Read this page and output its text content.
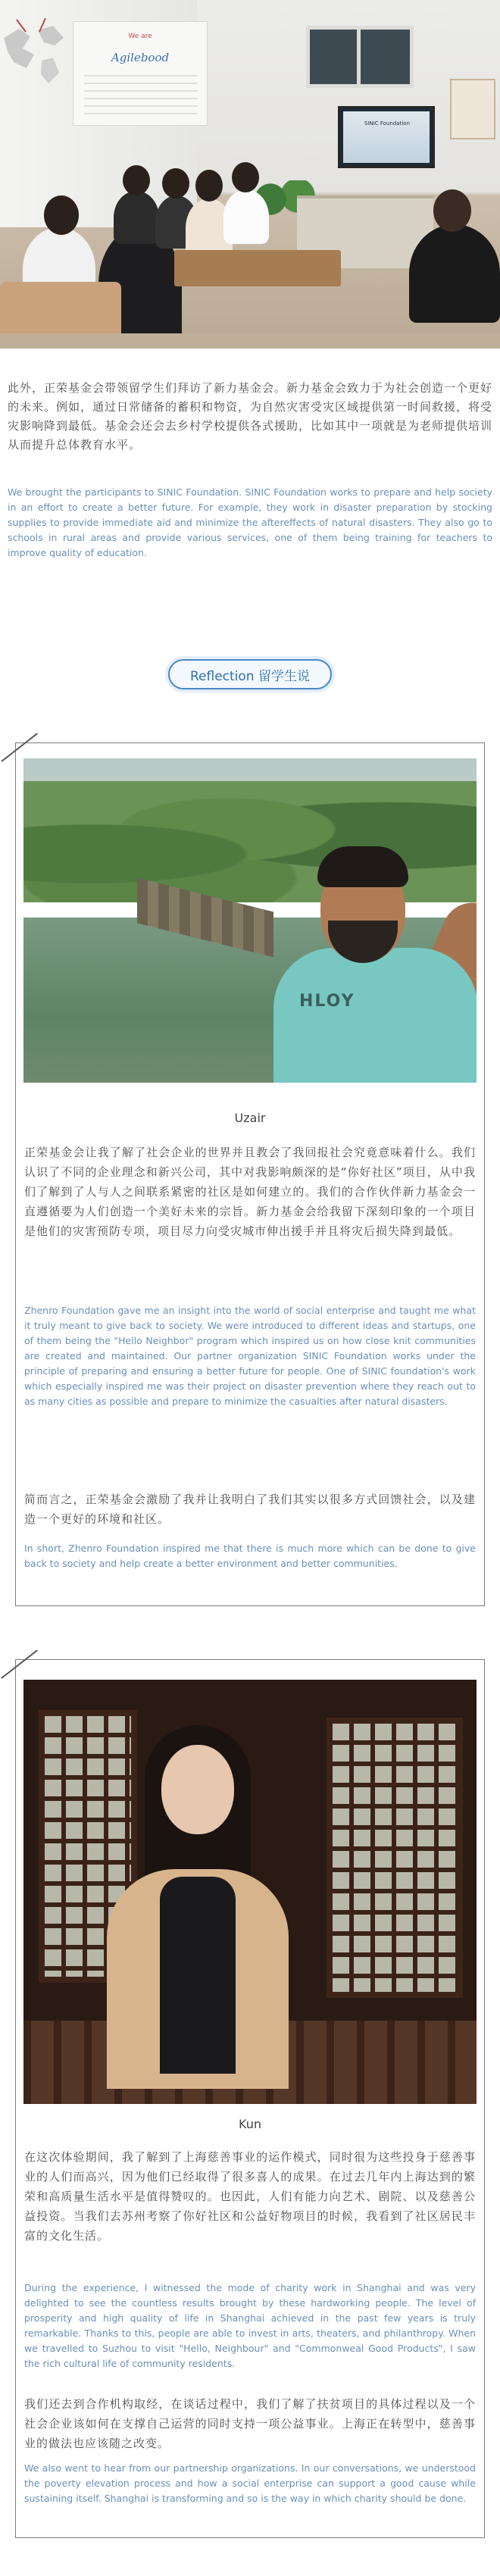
We are
Agilebood
SINIC Foundation

此外，正荣基金会带领留学生们拜访了新力基金会。新力基金会致力于为社会创造一个更好的未来。例如，通过日常储备的蓄积和物资，为自然灾害受灾区域提供第一时间救援，将受灾影响降到最低。基金会还会去乡村学校提供各式援助，比如其中一项就是为老师提供培训从而提升总体教育水平。

We brought the participants to SINIC Foundation. SINIC Foundation works to prepare and help society in an effort to create a better future. For example, they work in disaster preparation by stocking supplies to provide immediate aid and minimize the aftereffects of natural disasters. They also go to schools in rural areas and provide various services, one of them being training for teachers to improve quality of education.

Reflection 留学生说
HLOY
Uzair

正荣基金会让我了解了社会企业的世界并且教会了我回报社会究竟意味着什么。我们认识了不同的企业理念和新兴公司，其中对我影响颇深的是“你好社区”项目，从中我们了解到了人与人之间联系紧密的社区是如何建立的。我们的合作伙伴新力基金会一直遵循要为人们创造一个美好未来的宗旨。新力基金会给我留下深刻印象的一个项目是他们的灾害预防专项，项目尽力向受灾城市伸出援手并且将灾后损失降到最低。

Zhenro Foundation gave me an insight into the world of social enterprise and taught me what it truly meant to give back to society. We were introduced to different ideas and startups, one of them being the "Hello Neighbor" program which inspired us on how close knit communities are created and maintained. Our partner organization SINIC Foundation works under the principle of preparing and ensuring a better future for people. One of SINIC foundation's work which especially inspired me was their project on disaster prevention where they reach out to as many cities as possible and prepare to minimize the casualties after natural disasters.

简而言之，正荣基金会激励了我并让我明白了我们其实以很多方式回馈社会，以及建造一个更好的环境和社区。

In short, Zhenro Foundation inspired me that there is much more which can be done to give back to society and help create a better environment and better communities.

Kun

在这次体验期间，我了解到了上海慈善事业的运作模式，同时很为这些投身于慈善事业的人们而高兴，因为他们已经取得了很多喜人的成果。在过去几年内上海达到的繁荣和高质量生活水平是值得赞叹的。也因此，人们有能力向艺术、剧院、以及慈善公益投资。当我们去苏州考察了你好社区和公益好物项目的时候，我看到了社区居民丰富的文化生活。

During the experience, I witnessed the mode of charity work in Shanghai and was very delighted to see the countless results brought by these hardworking people. The level of prosperity and high quality of life in Shanghai achieved in the past few years is truly remarkable. Thanks to this, people are able to invest in arts, theaters, and philanthropy. When we travelled to Suzhou to visit "Hello, Neighbour" and "Commonweal Good Products", I saw the rich cultural life of community residents.

我们还去到合作机构取经，在谈话过程中，我们了解了扶贫项目的具体过程以及一个社会企业该如何在支撑自己运营的同时支持一项公益事业。上海正在转型中，慈善事业的做法也应该随之改变。

We also went to hear from our partnership organizations. In our conversations, we understood the poverty elevation process and how a social enterprise can support a good cause while sustaining itself. Shanghai is transforming and so is the way in which charity should be done.
